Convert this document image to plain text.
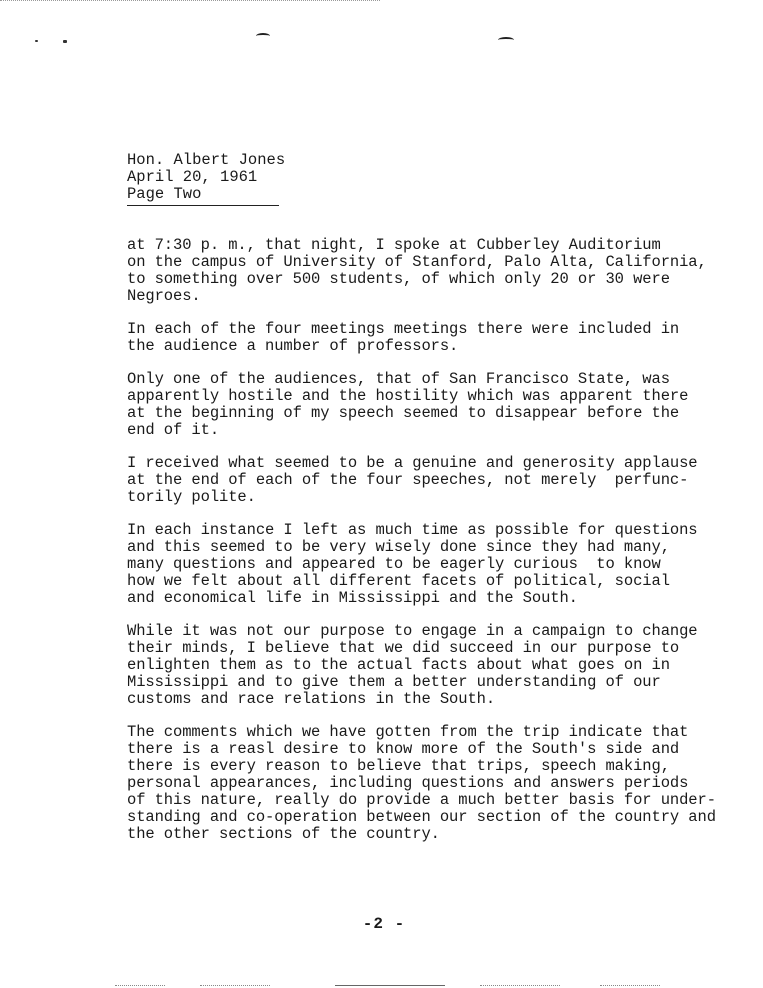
Hon. Albert Jones
April 20, 1961
Page Two
at 7:30 p. m., that night, I spoke at Cubberley Auditorium
on the campus of University of Stanford, Palo Alta, California,
to something over 500 students, of which only 20 or 30 were
Negroes.
In each of the four meetings meetings there were included in
the audience a number of professors.
Only one of the audiences, that of San Francisco State, was
apparently hostile and the hostility which was apparent there
at the beginning of my speech seemed to disappear before the
end of it.
I received what seemed to be a genuine and generosity applause
at the end of each of the four speeches, not merely  perfunc-
torily polite.
In each instance I left as much time as possible for questions
and this seemed to be very wisely done since they had many,
many questions and appeared to be eagerly curious  to know
how we felt about all different facets of political, social
and economical life in Mississippi and the South.
While it was not our purpose to engage in a campaign to change
their minds, I believe that we did succeed in our purpose to
enlighten them as to the actual facts about what goes on in
Mississippi and to give them a better understanding of our
customs and race relations in the South.
The comments which we have gotten from the trip indicate that
there is a reasl desire to know more of the South's side and
there is every reason to believe that trips, speech making,
personal appearances, including questions and answers periods
of this nature, really do provide a much better basis for under-
standing and co-operation between our section of the country and
the other sections of the country.
-2 -
